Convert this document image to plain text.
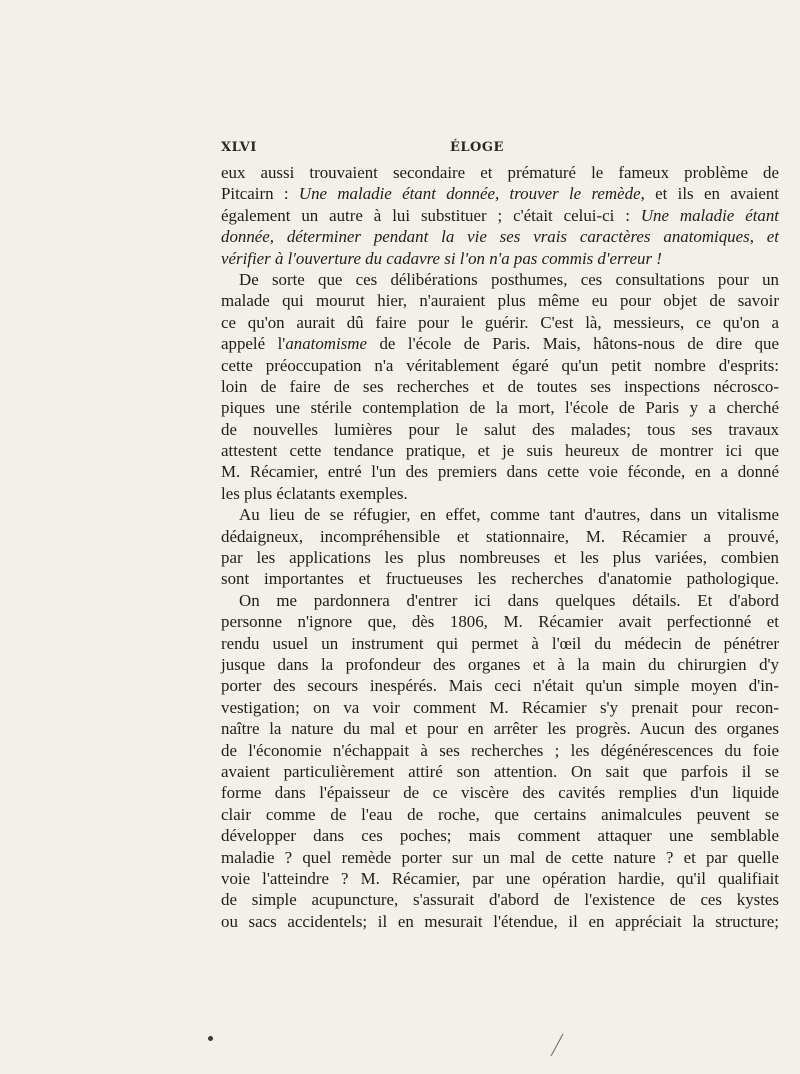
XLVI	ÉLOGE
eux aussi trouvaient secondaire et prématuré le fameux problème de
Pitcairn : Une maladie étant donnée, trouver le remède, et ils en avaient
également un autre à lui substituer ; c'était celui-ci : Une maladie étant
donnée, déterminer pendant la vie ses vrais caractères anatomiques, et
vérifier à l'ouverture du cadavre si l'on n'a pas commis d'erreur !
De sorte que ces délibérations posthumes, ces consultations pour un
malade qui mourut hier, n'auraient plus même eu pour objet de savoir
ce qu'on aurait dû faire pour le guérir. C'est là, messieurs, ce qu'on a
appelé l'anatomisme de l'école de Paris. Mais, hâtons-nous de dire que
cette préoccupation n'a véritablement égaré qu'un petit nombre d'esprits:
loin de faire de ses recherches et de toutes ses inspections nécrosco-
piques une stérile contemplation de la mort, l'école de Paris y a cherché
de nouvelles lumières pour le salut des malades; tous ses travaux
attestent cette tendance pratique, et je suis heureux de montrer ici que
M. Récamier, entré l'un des premiers dans cette voie féconde, en a donné
les plus éclatants exemples.
Au lieu de se réfugier, en effet, comme tant d'autres, dans un vitalisme
dédaigneux, incompréhensible et stationnaire, M. Récamier a prouvé,
par les applications les plus nombreuses et les plus variées, combien
sont importantes et fructueuses les recherches d'anatomie pathologique.
On me pardonnera d'entrer ici dans quelques détails. Et d'abord
personne n'ignore que, dès 1806, M. Récamier avait perfectionné et
rendu usuel un instrument qui permet à l'œil du médecin de pénétrer
jusque dans la profondeur des organes et à la main du chirurgien d'y
porter des secours inespérés. Mais ceci n'était qu'un simple moyen d'in-
vestigation; on va voir comment M. Récamier s'y prenait pour recon-
naître la nature du mal et pour en arrêter les progrès. Aucun des organes
de l'économie n'échappait à ses recherches ; les dégénérescences du foie
avaient particulièrement attiré son attention. On sait que parfois il se
forme dans l'épaisseur de ce viscère des cavités remplies d'un liquide
clair comme de l'eau de roche, que certains animalcules peuvent se
développer dans ces poches; mais comment attaquer une semblable
maladie ? quel remède porter sur un mal de cette nature ? et par quelle
voie l'atteindre ? M. Récamier, par une opération hardie, qu'il qualifiait
de simple acupuncture, s'assurait d'abord de l'existence de ces kystes
ou sacs accidentels; il en mesurait l'étendue, il en appréciait la structure;
